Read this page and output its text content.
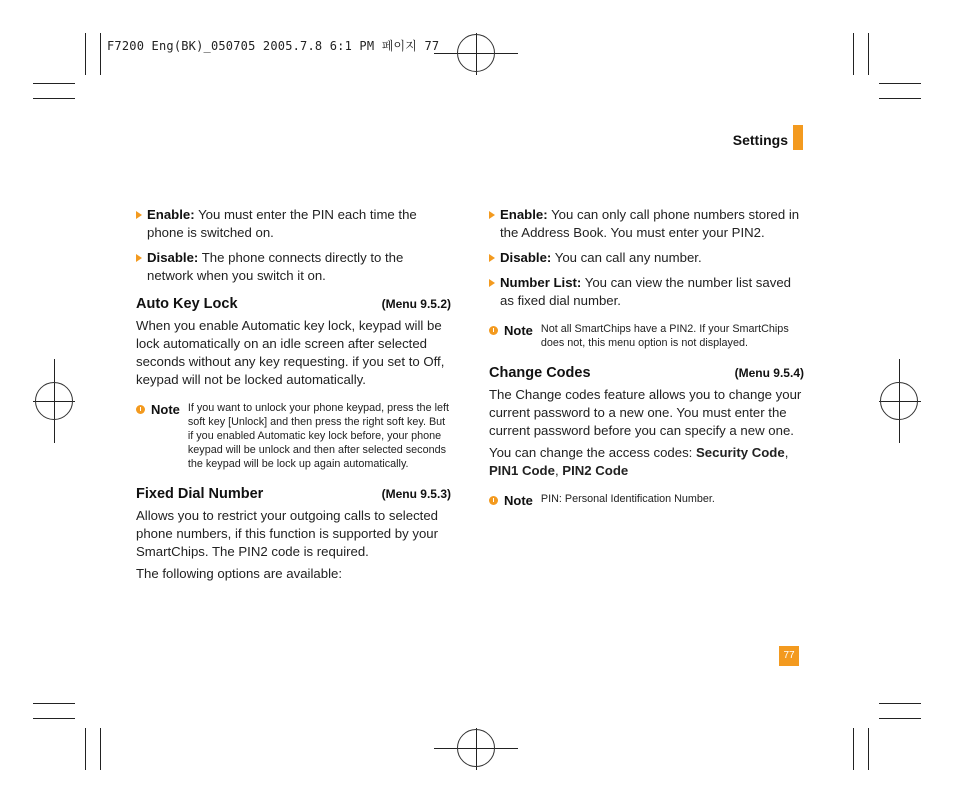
F7200 Eng(BK)_050705 2005.7.8 6:1 PM 페이지 77
Settings
Enable: You must enter the PIN each time the phone is switched on.
Disable: The phone connects directly to the network when you switch it on.
Auto Key Lock	(Menu 9.5.2)
When you enable Automatic key lock, keypad will be lock automatically on an idle screen after selected seconds without any key requesting. if you set to Off, keypad will not be locked automatically.
Note If you want to unlock your phone keypad, press the left soft key [Unlock] and then press the right soft key. But if you enabled Automatic key lock before, your phone keypad will be unlock and then after selected seconds the keypad will be lock up again automatically.
Fixed Dial Number	(Menu 9.5.3)
Allows you to restrict your outgoing calls to selected phone numbers, if this function is supported by your SmartChips. The PIN2 code is required.
The following options are available:
Enable: You can only call phone numbers stored in the Address Book. You must enter your PIN2.
Disable: You can call any number.
Number List: You can view the number list saved as fixed dial number.
Note Not all SmartChips have a PIN2. If your SmartChips does not, this menu option is not displayed.
Change Codes	(Menu 9.5.4)
The Change codes feature allows you to change your current password to a new one. You must enter the current password before you can specify a new one.
You can change the access codes: Security Code, PIN1 Code, PIN2 Code
Note PIN: Personal Identification Number.
77
